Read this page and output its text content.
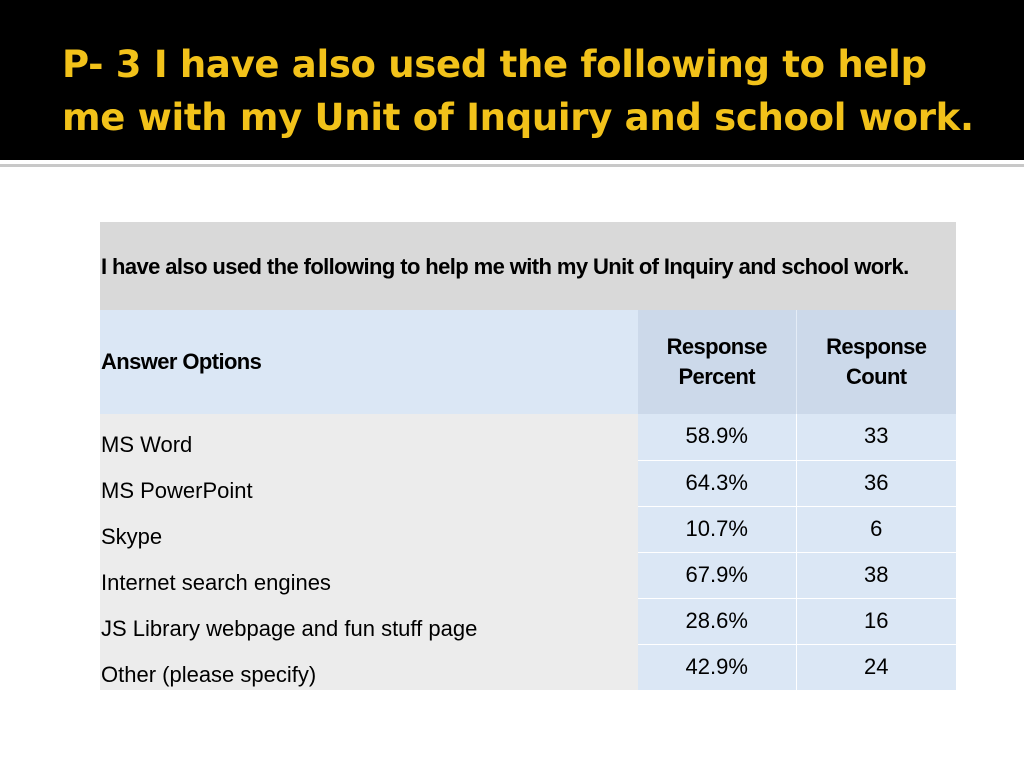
P- 3 I have also used the following to help me with my Unit of Inquiry and school work.
I have also used the following to help me with my Unit of Inquiry and school work.		
Answer Options	Response Percent	Response Count
MS Word	58.9%	33
MS PowerPoint	64.3%	36
Skype	10.7%	6
Internet search engines	67.9%	38
JS Library webpage and fun stuff page	28.6%	16
Other (please specify)	42.9%	24
